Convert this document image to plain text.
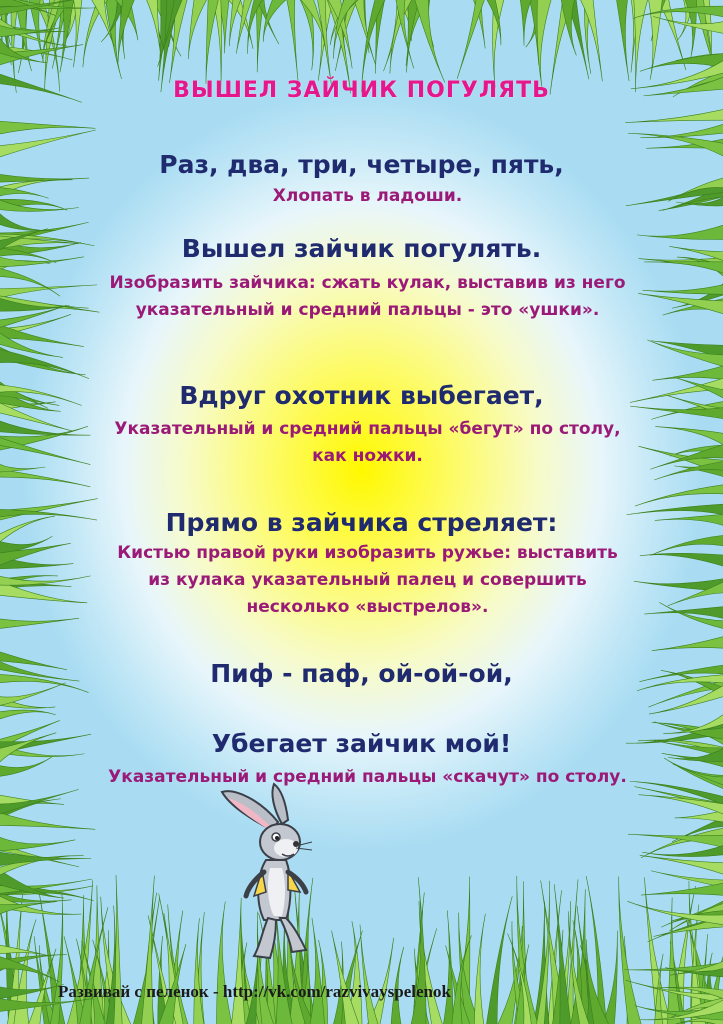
ВЫШЕЛ ЗАЙЧИК ПОГУЛЯТЬ
Раз, два, три, четыре, пять,
Хлопать в ладоши.
Вышел зайчик погулять.
Изобразить зайчика: сжать кулак, выставив из него указательный и средний пальцы - это «ушки».
Вдруг охотник выбегает,
Указательный и средний пальцы «бегут» по столу, как ножки.
Прямо в зайчика стреляет:
Кистью правой руки изобразить ружье: выставить из кулака указательный палец и совершить несколько «выстрелов».
Пиф - паф, ой-ой-ой,
Убегает зайчик мой!
Указательный и средний пальцы «скачут» по столу.
Развивай с пеленок - http://vk.com/razvivayspelenok
